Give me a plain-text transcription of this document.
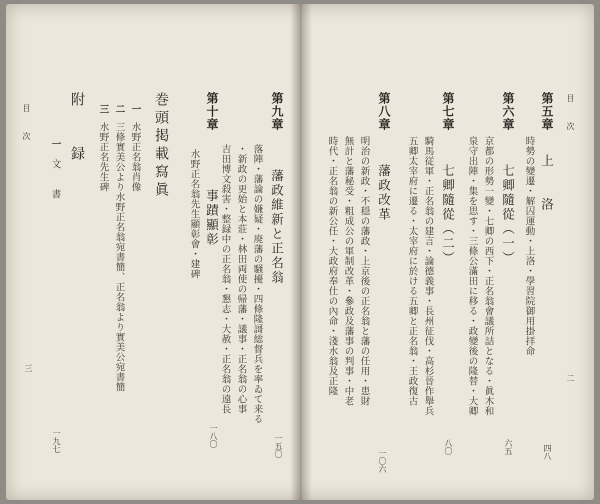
目　次
二
第五章
上　　洛
四八
時勢の變遷・解囚運動・上洛・學習院御用掛拝命
第六章
七卿隨從（一）
六五
京都の形勢一變・七卿の西下・正名翁會議所詰となる・眞木和
泉守出陣・集を思す・三條公滿田に移る・政變後の隆替・大卿
第七章
七卿隨從（二）
八〇
騎馬従軍・正名翁の建言・論德義事・長州征伐・高杉晉作舉兵
五卿太宰府に遷る・太宰府に於ける五卿と正名翁・王政復古
第八章
藩政改革
一〇六
明治の新政・不穏の藩政・上京後の正名翁と藩の任用・患財
無計と藩秘受・粗成公の軍制改革・參政及藩事の判事・中老
時代・正名翁の新公任・大政府奉仕の內命・淺水翁及正隆
第九章
藩政維新と正名翁
一五〇
落陣・藩論の嫌疑・廃藩の騒擾・四條隆謌総督兵を率ゐて来る
・新政の更始と本莊・林田両使の帰藩・議事・正名翁の心事
吉田博文殺害・整録中の正名翁・懇志・大赦・正名翁の遠長
第十章
事蹟顯彰
一八〇
水野正名翁先生顯彰會・建碑
巻頭掲載寫眞
一
水野正名翁肖像
二
三條實美公より水野正名翁宛書簡、正名翁より實美公宛書簡
三
水野正名先生碑
附　　録
一
文　　書
一九七
目　次
三
